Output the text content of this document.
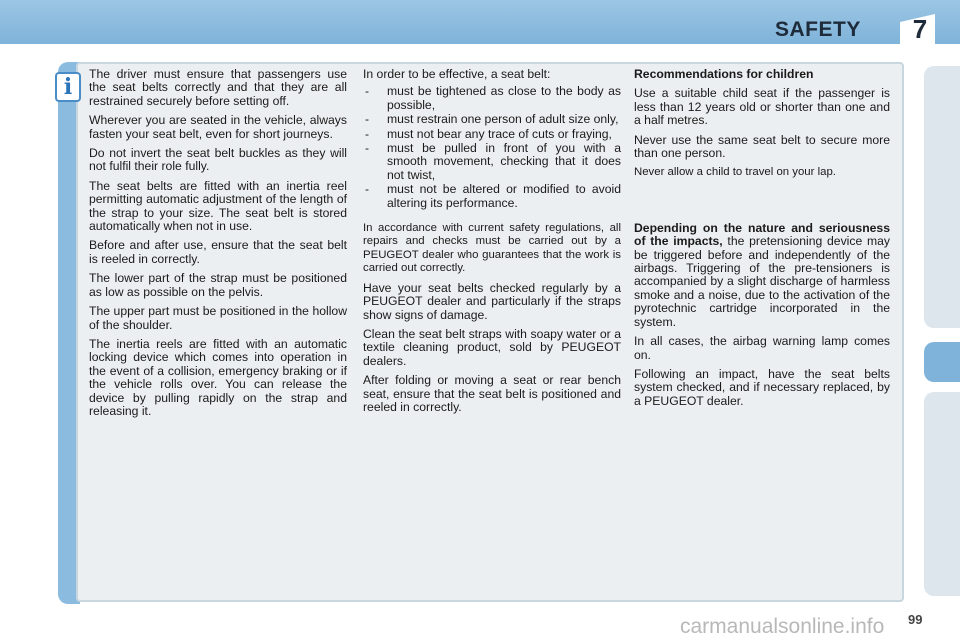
SAFETY 7
i	The driver must ensure that passengers use the seat belts correctly and that they are all restrained securely before setting off.

Wherever you are seated in the vehicle, always fasten your seat belt, even for short journeys.

Do not invert the seat belt buckles as they will not fulfil their role fully.

The seat belts are fitted with an inertia reel permitting automatic adjustment of the length of the strap to your size. The seat belt is stored automatically when not in use.

Before and after use, ensure that the seat belt is reeled in correctly.

The lower part of the strap must be positioned as low as possible on the pelvis.

The upper part must be positioned in the hollow of the shoulder.

The inertia reels are fitted with an automatic locking device which comes into operation in the event of a collision, emergency braking or if the vehicle rolls over. You can release the device by pulling rapidly on the strap and releasing it.

In order to be effective, a seat belt:

- must be tightened as close to the body as possible,
- must restrain one person of adult size only,
- must not bear any trace of cuts or fraying,
- must be pulled in front of you with a smooth movement, checking that it does not twist,
- must not be altered or modified to avoid altering its performance.

In accordance with current safety regulations, all repairs and checks must be carried out by a PEUGEOT dealer who guarantees that the work is carried out correctly.

Have your seat belts checked regularly by a PEUGEOT dealer and particularly if the straps show signs of damage.

Clean the seat belt straps with soapy water or a textile cleaning product, sold by PEUGEOT dealers.

After folding or moving a seat or rear bench seat, ensure that the seat belt is positioned and reeled in correctly.

Recommendations for children

Use a suitable child seat if the passenger is less than 12 years old or shorter than one and a half metres.

Never use the same seat belt to secure more than one person.

Never allow a child to travel on your lap.

Depending on the nature and seriousness of the impacts, the pretensioning device may be triggered before and independently of the airbags. Triggering of the pre-tensioners is accompanied by a slight discharge of harmless smoke and a noise, due to the activation of the pyrotechnic cartridge incorporated in the system.

In all cases, the airbag warning lamp comes on.

Following an impact, have the seat belts system checked, and if necessary replaced, by a PEUGEOT dealer.

carmanualsonline.info 99
